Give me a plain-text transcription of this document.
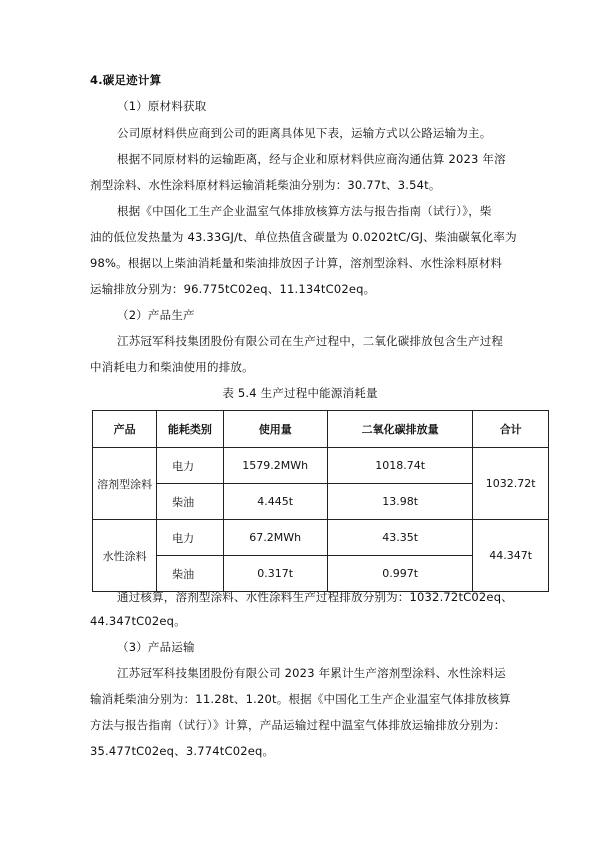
4.碳足迹计算
（1）原材料获取
公司原材料供应商到公司的距离具体见下表，运输方式以公路运输为主。
根据不同原材料的运输距离，经与企业和原材料供应商沟通估算 2023 年溶
剂型涂料、水性涂料原材料运输消耗柴油分别为：30.77t、3.54t。
根据《中国化工生产企业温室气体排放核算方法与报告指南（试行）》，柴
油的低位发热量为 43.33GJ/t、单位热值含碳量为 0.0202tC/GJ、柴油碳氧化率为
98%。根据以上柴油消耗量和柴油排放因子计算，溶剂型涂料、水性涂料原材料
运输排放分别为：96.775tC02eq、11.134tC02eq。
（2）产品生产
江苏冠军科技集团股份有限公司在生产过程中，二氧化碳排放包含生产过程
中消耗电力和柴油使用的排放。
表 5.4 生产过程中能源消耗量
产品	能耗类别	使用量	二氧化碳排放量	合计
溶剂型涂料	电力	1579.2MWh	1018.74t	1032.72t
	柴油	4.445t	13.98t	
水性涂料	电力	67.2MWh	43.35t	44.347t
	柴油	0.317t	0.997t	
通过核算，溶剂型涂料、水性涂料生产过程排放分别为：1032.72tC02eq、
44.347tC02eq。
（3）产品运输
江苏冠军科技集团股份有限公司 2023 年累计生产溶剂型涂料、水性涂料运
输消耗柴油分别为：11.28t、1.20t。根据《中国化工生产企业温室气体排放核算
方法与报告指南（试行）》计算，产品运输过程中温室气体排放运输排放分别为：
35.477tC02eq、3.774tC02eq。
